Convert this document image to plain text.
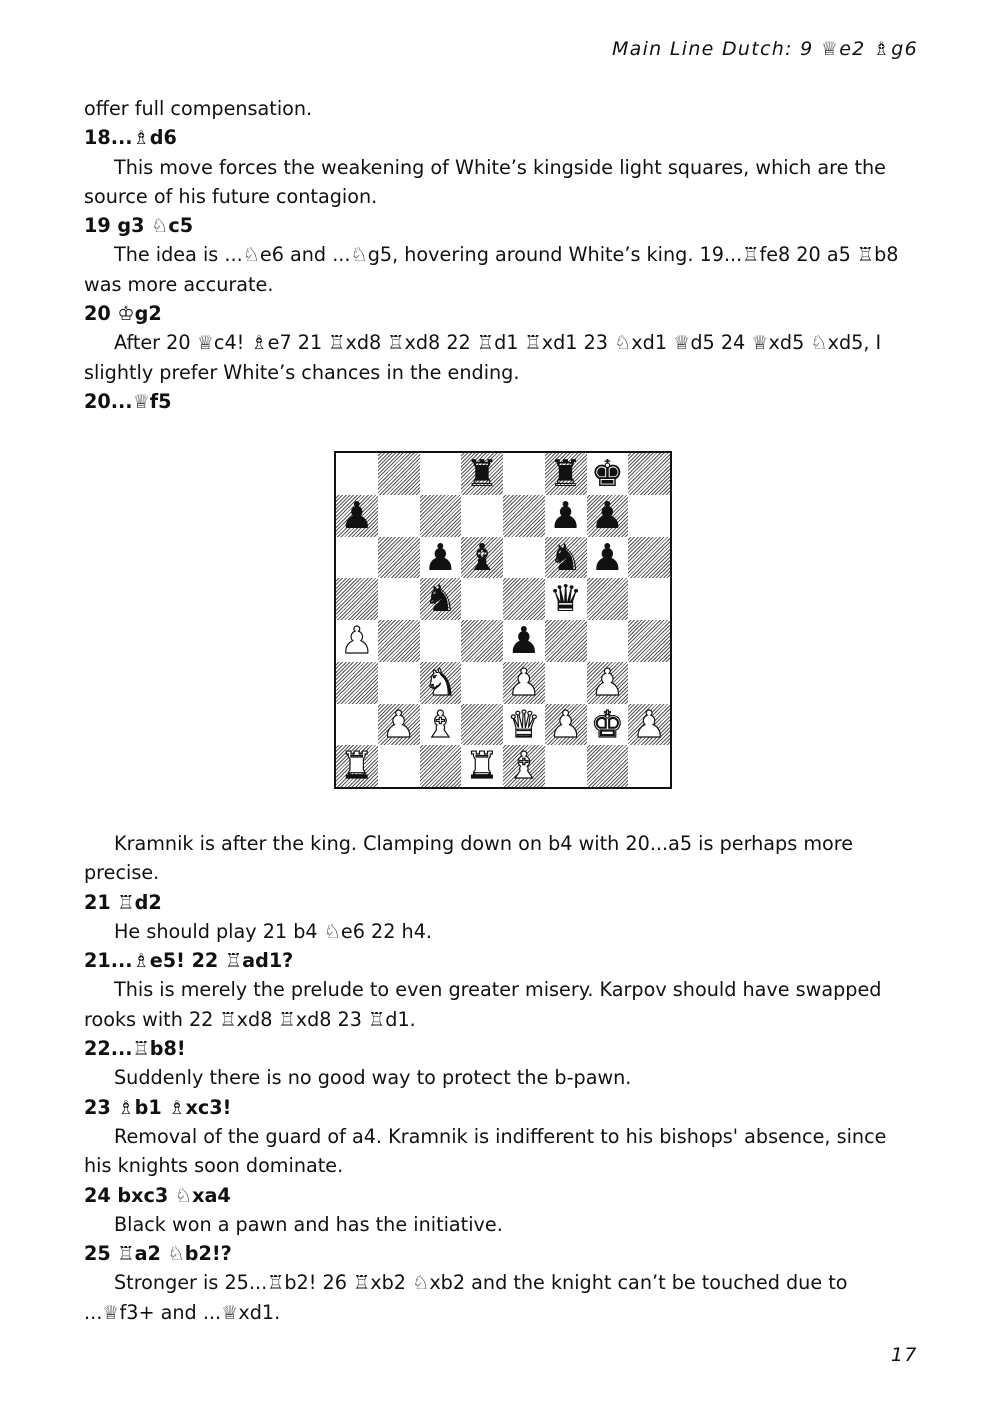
Main Line Dutch: 9 ♕e2 ♗g6

offer full compensation.

18...♗d6

This move forces the weakening of White’s kingside light squares, which are the source of his future contagion.

19 g3 ♘c5

The idea is ...♘e6 and ...♘g5, hovering around White’s king. 19...♖fe8 20 a5 ♖b8 was more accurate.

20 ♔g2

After 20 ♕c4! ♗e7 21 ♖xd8 ♖xd8 22 ♖d1 ♖xd1 23 ♘xd1 ♕d5 24 ♕xd5 ♘xd5, I slightly prefer White’s chances in the ending.

20...♕f5

♜ ♜ ♚
♟	♟ ♟
♟ ♝ ♞ ♟
♞ ♛
♟	♟
♞ ♟ ♟
♟ ♝ ♛ ♟ ♚ ♟
♜ ♜ ♝

Kramnik is after the king. Clamping down on b4 with 20...a5 is perhaps more precise.

21 ♖d2

He should play 21 b4 ♘e6 22 h4.

21...♗e5! 22 ♖ad1?

This is merely the prelude to even greater misery. Karpov should have swapped rooks with 22 ♖xd8 ♖xd8 23 ♖d1.

22...♖b8!

Suddenly there is no good way to protect the b-pawn.

23 ♗b1 ♗xc3!

Removal of the guard of a4. Kramnik is indifferent to his bishops' absence, since his knights soon dominate.

24 bxc3 ♘xa4

Black won a pawn and has the initiative.

25 ♖a2 ♘b2!?

Stronger is 25...♖b2! 26 ♖xb2 ♘xb2 and the knight can’t be touched due to ...♕f3+ and ...♕xd1.

17
